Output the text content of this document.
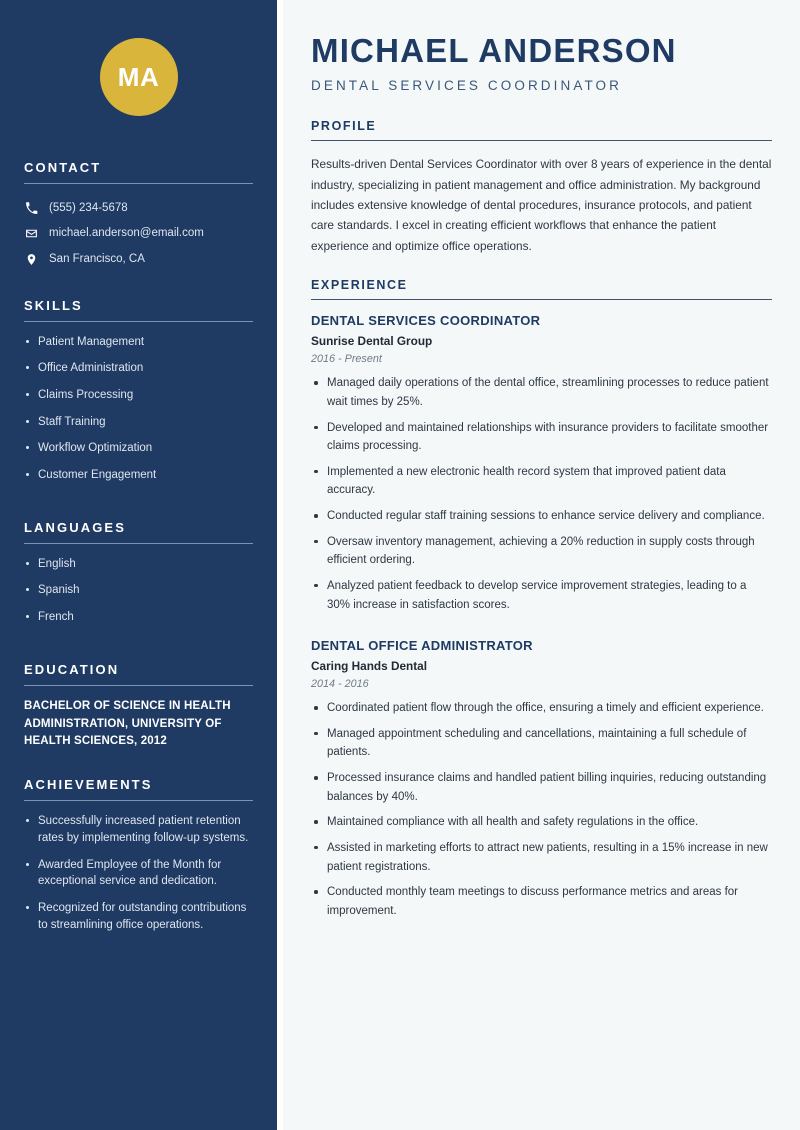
MA
CONTACT
(555) 234-5678
michael.anderson@email.com
San Francisco, CA
SKILLS
Patient Management
Office Administration
Claims Processing
Staff Training
Workflow Optimization
Customer Engagement
LANGUAGES
English
Spanish
French
EDUCATION
BACHELOR OF SCIENCE IN HEALTH ADMINISTRATION, UNIVERSITY OF HEALTH SCIENCES, 2012
ACHIEVEMENTS
Successfully increased patient retention rates by implementing follow-up systems.
Awarded Employee of the Month for exceptional service and dedication.
Recognized for outstanding contributions to streamlining office operations.
MICHAEL ANDERSON
DENTAL SERVICES COORDINATOR
PROFILE

Results-driven Dental Services Coordinator with over 8 years of experience in the dental industry, specializing in patient management and office administration. My background includes extensive knowledge of dental procedures, insurance protocols, and patient care standards. I excel in creating efficient workflows that enhance the patient experience and optimize office operations.

EXPERIENCE
DENTAL SERVICES COORDINATOR
Sunrise Dental Group
2016 - Present
Managed daily operations of the dental office, streamlining processes to reduce patient wait times by 25%.
Developed and maintained relationships with insurance providers to facilitate smoother claims processing.
Implemented a new electronic health record system that improved patient data accuracy.
Conducted regular staff training sessions to enhance service delivery and compliance.
Oversaw inventory management, achieving a 20% reduction in supply costs through efficient ordering.
Analyzed patient feedback to develop service improvement strategies, leading to a 30% increase in satisfaction scores.
DENTAL OFFICE ADMINISTRATOR
Caring Hands Dental
2014 - 2016
Coordinated patient flow through the office, ensuring a timely and efficient experience.
Managed appointment scheduling and cancellations, maintaining a full schedule of patients.
Processed insurance claims and handled patient billing inquiries, reducing outstanding balances by 40%.
Maintained compliance with all health and safety regulations in the office.
Assisted in marketing efforts to attract new patients, resulting in a 15% increase in new patient registrations.
Conducted monthly team meetings to discuss performance metrics and areas for improvement.
